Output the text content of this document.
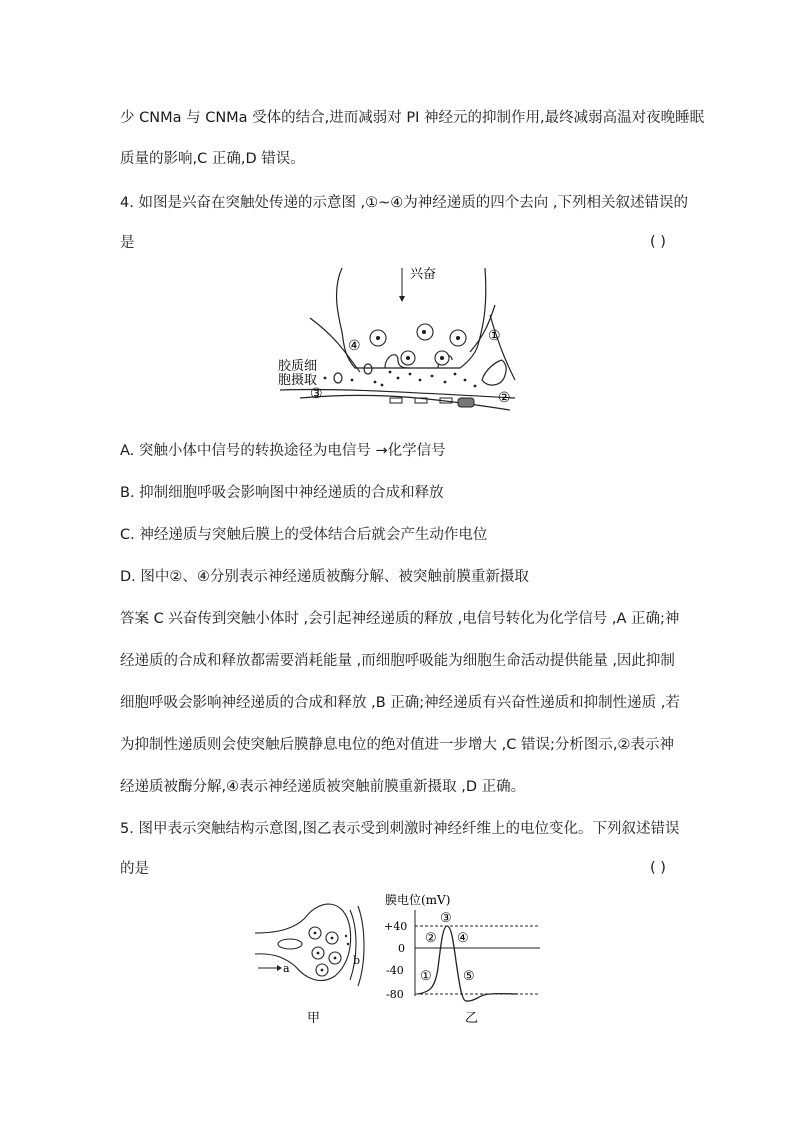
少 CNMa 与 CNMa 受体的结合,进而减弱对 PI 神经元的抑制作用,最终减弱高温对夜晚睡眠
质量的影响,C 正确,D 错误。
4. 如图是兴奋在突触处传递的示意图 ,①~④为神经递质的四个去向 ,下列相关叙述错误的
是	( )
兴奋
胶质细
胞摄取
①
②
③
④
A. 突触小体中信号的转换途径为电信号 →化学信号
B. 抑制细胞呼吸会影响图中神经递质的合成和释放
C. 神经递质与突触后膜上的受体结合后就会产生动作电位
D. 图中②、④分别表示神经递质被酶分解、被突触前膜重新摄取
答案 C 兴奋传到突触小体时 ,会引起神经递质的释放 ,电信号转化为化学信号 ,A 正确;神
经递质的合成和释放都需要消耗能量 ,而细胞呼吸能为细胞生命活动提供能量 ,因此抑制
细胞呼吸会影响神经递质的合成和释放 ,B 正确;神经递质有兴奋性递质和抑制性递质 ,若
为抑制性递质则会使突触后膜静息电位的绝对值进一步增大 ,C 错误;分析图示,②表示神
经递质被酶分解,④表示神经递质被突触前膜重新摄取 ,D 正确。
5. 图甲表示突触结构示意图,图乙表示受到刺激时神经纤维上的电位变化。下列叙述错误
的是	( )
a
b
甲
膜电位(mV)
+40
0
-40
-80
①
②
③
④
⑤
乙
